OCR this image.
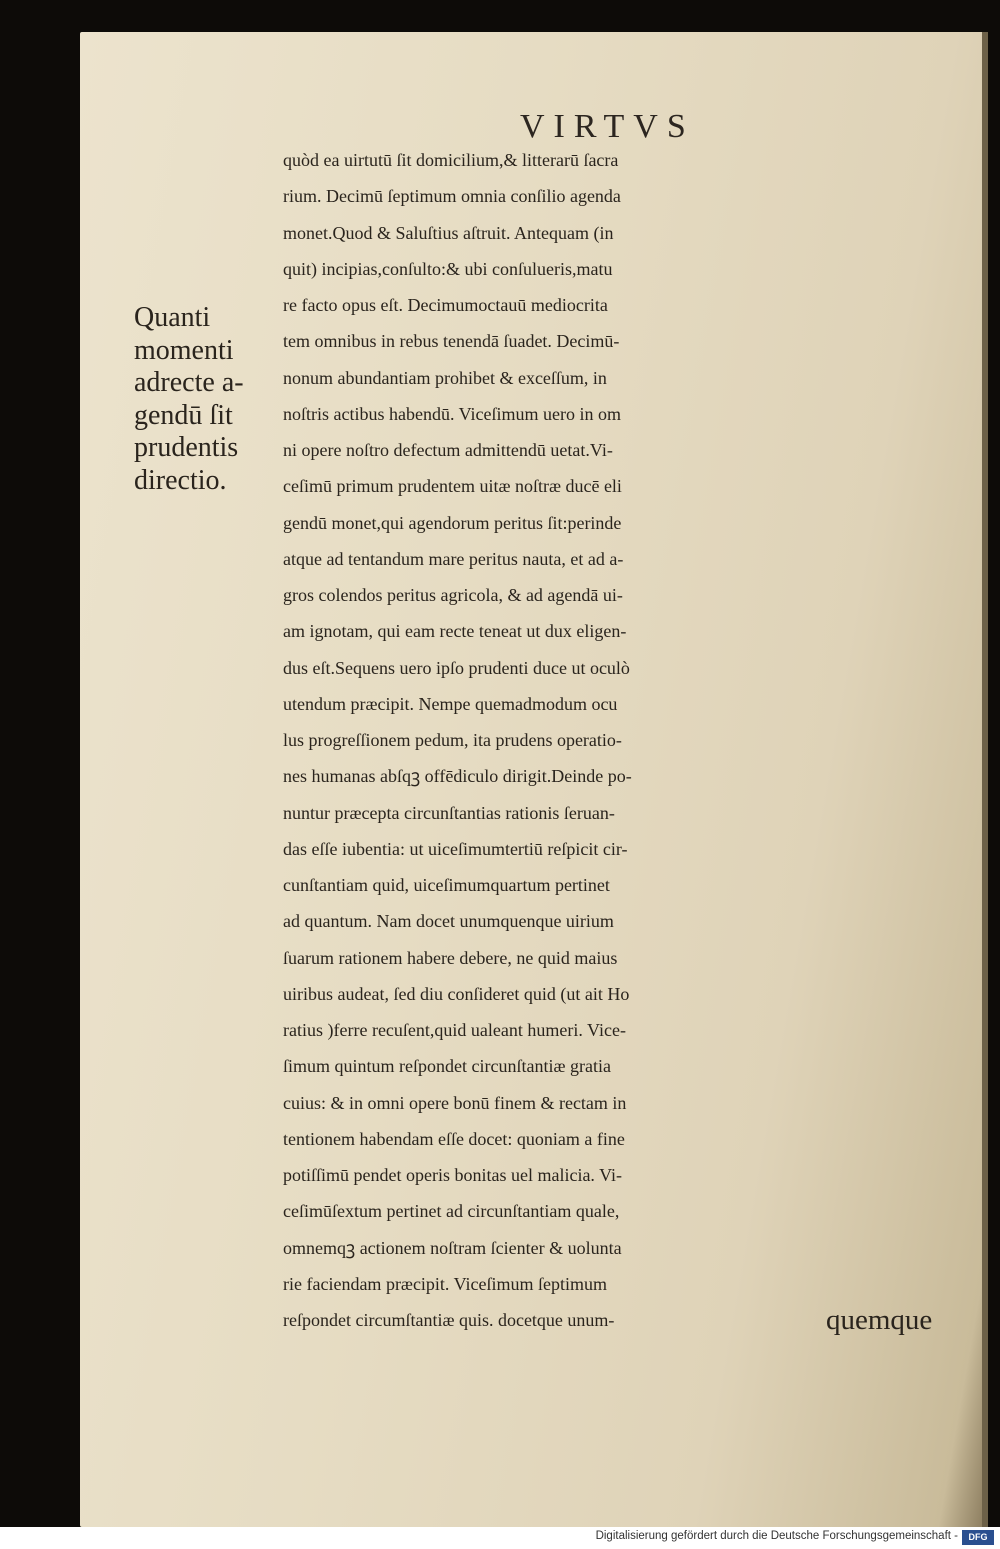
VIRTVS
Quanti
momenti
adrecte a-
gendū ſit
prudentis
directio.
quòd ea uirtutū ſit domicilium,& litterarū ſacra
rium. Decimū ſeptimum omnia conſilio agenda
monet.Quod & Saluſtius aſtruit. Antequam (in
quit) incipias,conſulto:& ubi conſulueris,matu
re facto opus eſt. Decimumoctauū mediocrita
tem omnibus in rebus tenendā ſuadet. Decimū-
nonum abundantiam prohibet & exceſſum, in
noſtris actibus habendū. Viceſimum uero in om
ni opere noſtro defectum admittendū uetat.Vi-
ceſimū primum prudentem uitæ noſtræ ducē eli
gendū monet,qui agendorum peritus ſit:perinde
atque ad tentandum mare peritus nauta, et ad a-
gros colendos peritus agricola, & ad agendā ui-
am ignotam, qui eam recte teneat ut dux eligen-
dus eſt.Sequens uero ipſo prudenti duce ut oculò
utendum præcipit. Nempe quemadmodum ocu
lus progreſſionem pedum, ita prudens operatio-
nes humanas abſqꝫ offēdiculo dirigit.Deinde po-
nuntur præcepta circunſtantias rationis ſeruan-
das eſſe iubentia: ut uiceſimumtertiū reſpicit cir-
cunſtantiam quid, uiceſimumquartum pertinet
ad quantum. Nam docet unumquenque uirium
ſuarum rationem habere debere, ne quid maius
uiribus audeat, ſed diu conſideret quid (ut ait Ho
ratius )ferre recuſent,quid ualeant humeri. Vice-
ſimum quintum reſpondet circunſtantiæ gratia
cuius: & in omni opere bonū finem & rectam in
tentionem habendam eſſe docet: quoniam a fine
potiſſimū pendet operis bonitas uel malicia. Vi-
ceſimūſextum pertinet ad circunſtantiam quale,
omnemqꝫ actionem noſtram ſcienter & uolunta
rie faciendam præcipit. Viceſimum ſeptimum
reſpondet circumſtantiæ quis. docetque unum-	quemque
Digitalisierung gefördert durch die Deutsche Forschungsgemeinschaft -	DFG
